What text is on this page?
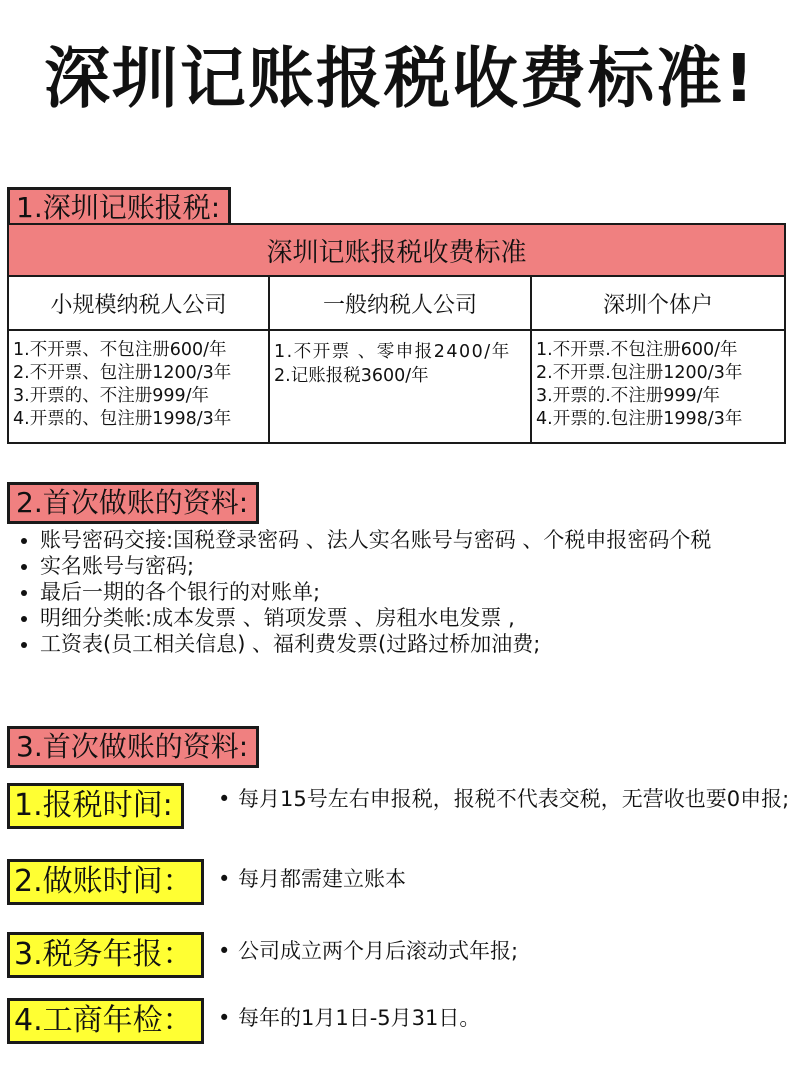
深圳记账报税收费标准!
1.深圳记账报税:
深圳记账报税收费标准		
小规模纳税人公司	一般纳税人公司	深圳个体户

1.不开票、不包注册600/年
2.不开票、包注册1200/3年
3.开票的、不注册999/年
4.开票的、包注册1998/3年

1.不开票 、零申报2400/年
2.记账报税3600/年

1.不开票.不包注册600/年
2.不开票.包注册1200/3年
3.开票的.不注册999/年
4.开票的.包注册1998/3年
2.首次做账的资料:
• 账号密码交接:国税登录密码 、法人实名账号与密码 、个税申报密码个税
• 实名账号与密码;
• 最后一期的各个银行的对账单;
• 明细分类帐:成本发票 、销项发票 、房租水电发票 ,
• 工资表(员工相关信息) 、福利费发票(过路过桥加油费;
3.首次做账的资料:
1.报税时间:	• 每月15号左右申报税，报税不代表交税，无营收也要0申报;
2.做账时间：	• 每月都需建立账本
3.税务年报：	• 公司成立两个月后滚动式年报;
4.工商年检：	• 每年的1月1日-5月31日。
